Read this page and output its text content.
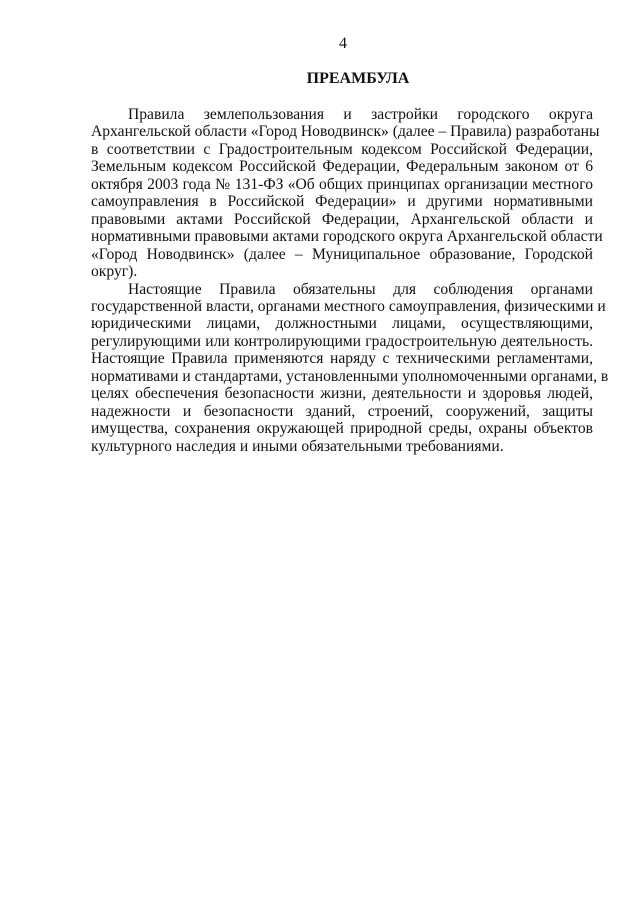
4
ПРЕАМБУЛА
Правила землепользования и застройки городского округа
Архангельской области «Город Новодвинск» (далее – Правила) разработаны
в соответствии с Градостроительным кодексом Российской Федерации,
Земельным кодексом Российской Федерации, Федеральным законом от 6
октября 2003 года № 131-ФЗ «Об общих принципах организации местного
самоуправления в Российской Федерации» и другими нормативными
правовыми актами Российской Федерации, Архангельской области и
нормативными правовыми актами городского округа Архангельской области
«Город Новодвинск» (далее – Муниципальное образование, Городской
округ).
Настоящие Правила обязательны для соблюдения органами
государственной власти, органами местного самоуправления, физическими и
юридическими лицами, должностными лицами, осуществляющими,
регулирующими или контролирующими градостроительную деятельность.
Настоящие Правила применяются наряду с техническими регламентами,
нормативами и стандартами, установленными уполномоченными органами, в
целях обеспечения безопасности жизни, деятельности и здоровья людей,
надежности и безопасности зданий, строений, сооружений, защиты
имущества, сохранения окружающей природной среды, охраны объектов
культурного наследия и иными обязательными требованиями.
